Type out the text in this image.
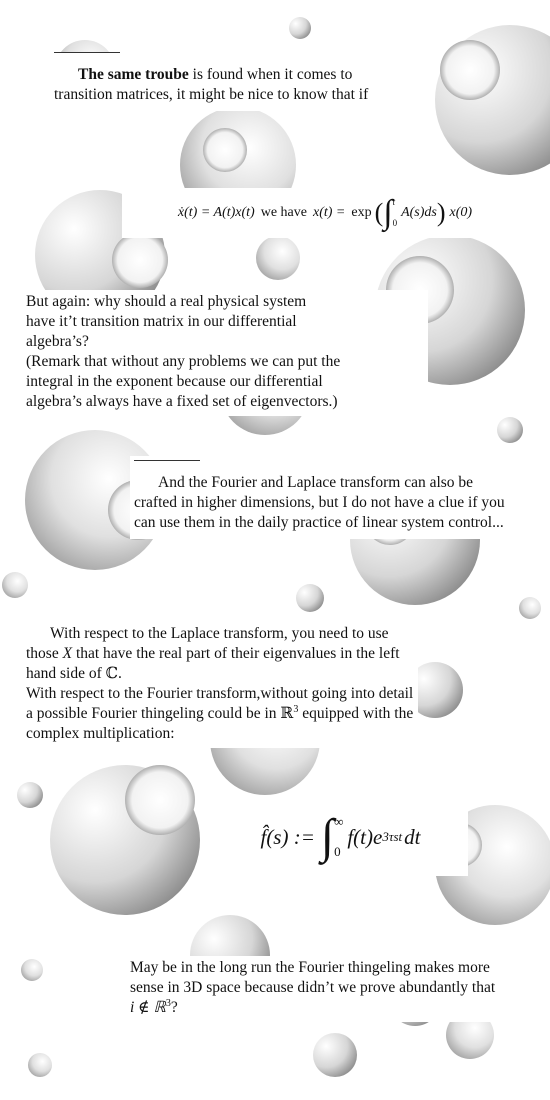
The same troube is found when it comes to transition matrices, it might be nice to know that if

ẋ(t) = A(t)x(t) we have x(t) = exp ( ∫ t
0
A(s)ds ) x(0)

But again: why should a real physical system

have it’t transition matrix in our differential

algebra’s?

(Remark that without any problems we can put the

integral in the exponent because our differential

algebra’s always have a fixed set of eigenvectors.)

And the Fourier and Laplace transform can also be crafted in higher dimensions, but I do not have a clue if you can use them in the daily practice of linear system control...

With respect to the Laplace transform, you need to use those X that have the real part of their eigenvalues in the left hand side of ℂ.

With respect to the Fourier transform,without going into detail a possible Fourier thingeling could be in ℝ$^3$ equipped with the complex multiplication:

f̂(s) := ∫ ∞
0
f(t)e 3τst dt

May be in the long run the Fourier thingeling makes more sense in 3D space because didn’t we prove abundantly that i ∉ ℝ$^3$?
